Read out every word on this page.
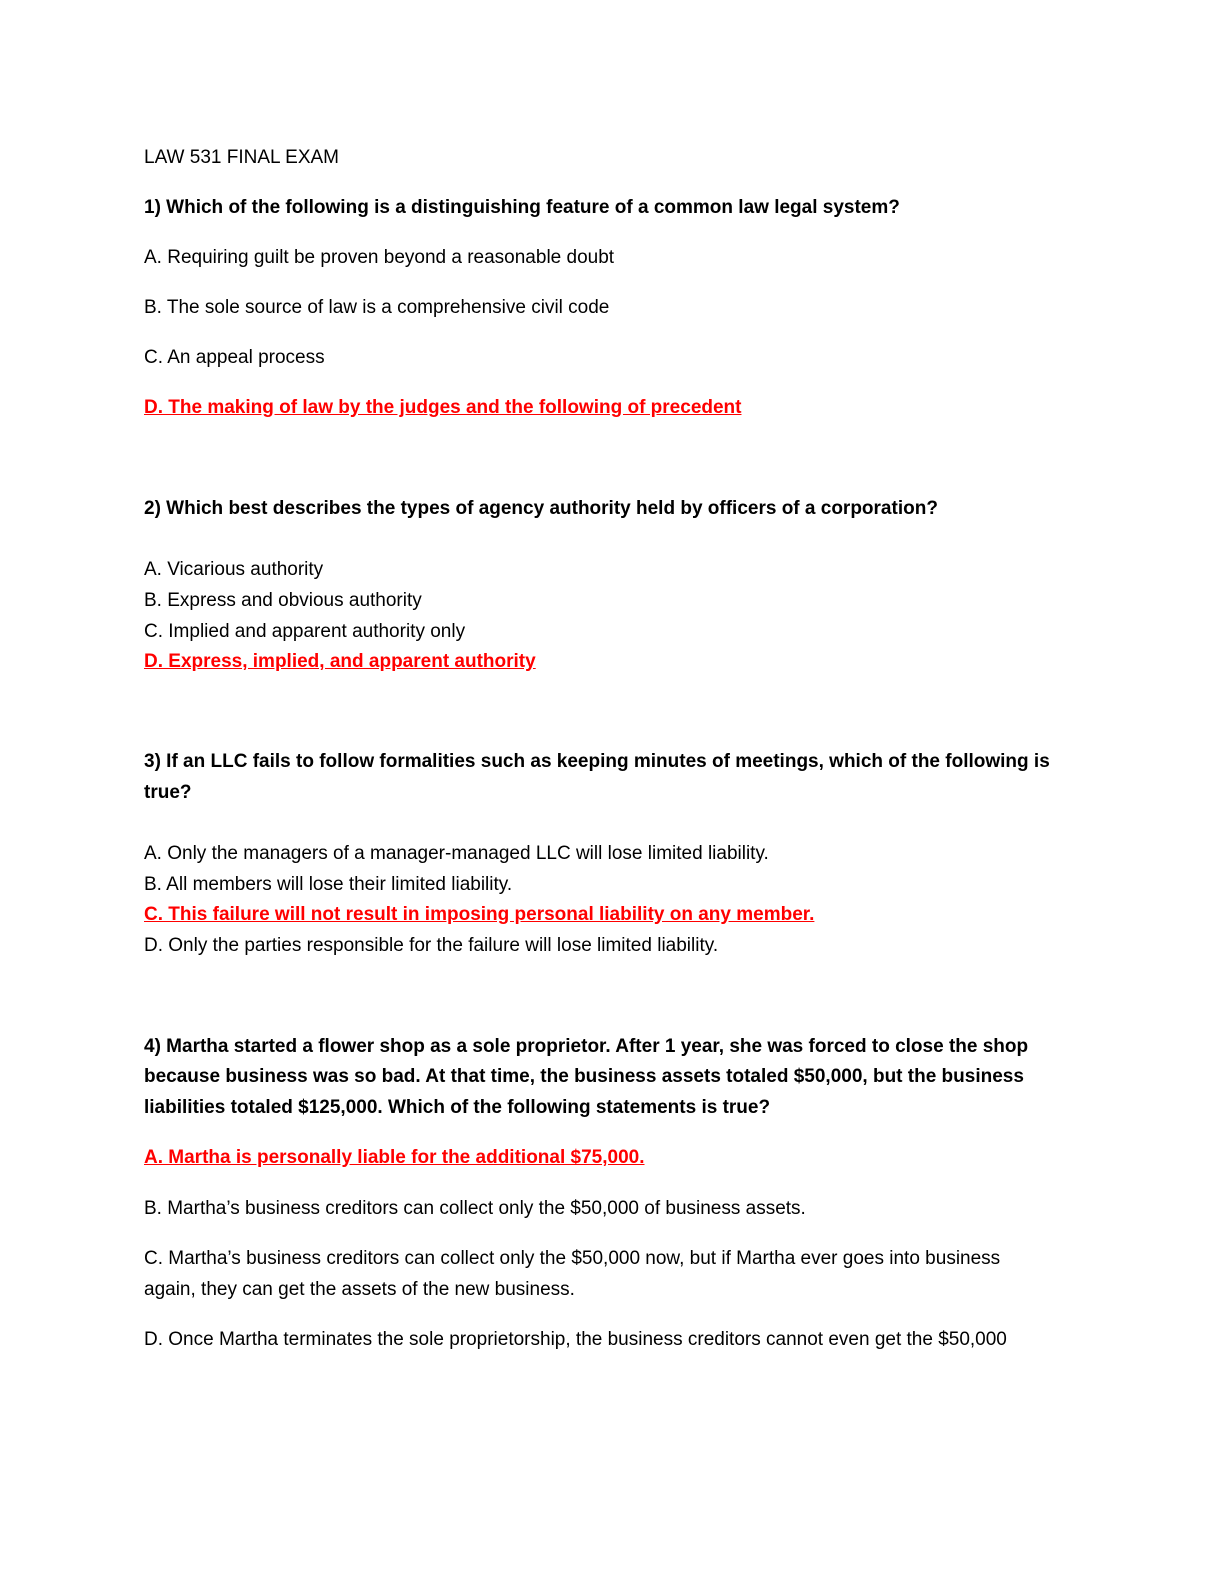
LAW 531 FINAL EXAM
1) Which of the following is a distinguishing feature of a common law legal system?
A. Requiring guilt be proven beyond a reasonable doubt
B. The sole source of law is a comprehensive civil code
C. An appeal process
D. The making of law by the judges and the following of precedent
2) Which best describes the types of agency authority held by officers of a corporation?
A. Vicarious authority
B. Express and obvious authority
C. Implied and apparent authority only
D. Express, implied, and apparent authority
3) If an LLC fails to follow formalities such as keeping minutes of meetings, which of the following is
true?
A. Only the managers of a manager-managed LLC will lose limited liability.
B. All members will lose their limited liability.
C. This failure will not result in imposing personal liability on any member.
D. Only the parties responsible for the failure will lose limited liability.
4) Martha started a flower shop as a sole proprietor. After 1 year, she was forced to close the shop
because business was so bad. At that time, the business assets totaled $50,000, but the business
liabilities totaled $125,000. Which of the following statements is true?
A. Martha is personally liable for the additional $75,000.
B. Martha’s business creditors can collect only the $50,000 of business assets.
C. Martha’s business creditors can collect only the $50,000 now, but if Martha ever goes into business
again, they can get the assets of the new business.
D. Once Martha terminates the sole proprietorship, the business creditors cannot even get the $50,000
